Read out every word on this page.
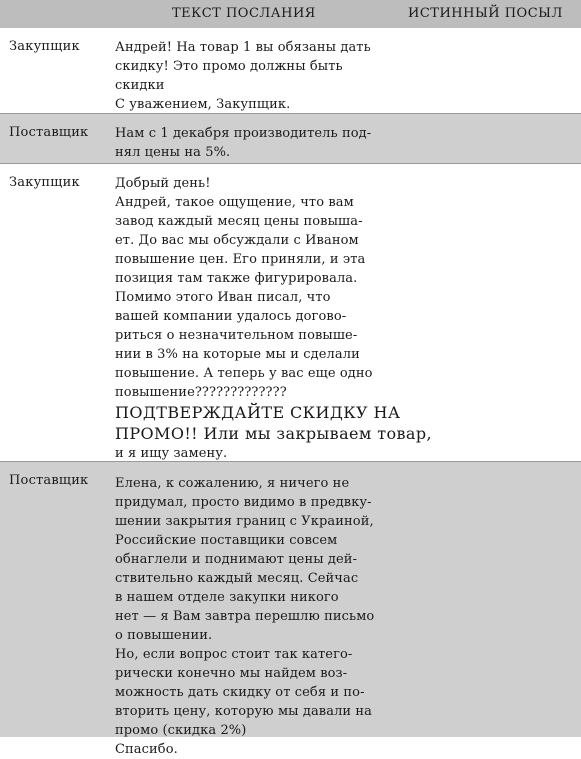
ТЕКСТ ПОСЛАНИЯ	ИСТИННЫЙ ПОСЫЛ
Закупщик	Андрей! На товар 1 вы обязаны дать
скидку! Это промо должны быть
скидки
С уважением, Закупщик.
Поставщик Нам с 1 декабря производитель под-
нял цены на 5%.
Закупщик	Добрый день!
Андрей, такое ощущение, что вам
завод каждый месяц цены повыша-
ет. До вас мы обсуждали с Иваном
повышение цен. Его приняли, и эта
позиция там также фигурировала.
Помимо этого Иван писал, что
вашей компании удалось догово-
риться о незначительном повыше-
нии в 3% на которые мы и сделали
повышение. А теперь у вас еще одно
повышение?????????????
ПОДТВЕРЖДАЙТЕ СКИДКУ НА
ПРОМО!! Или мы закрываем товар,
и я ищу замену.
Поставщик Елена, к сожалению, я ничего не
придумал, просто видимо в предвку-
шении закрытия границ с Украиной,
Российские поставщики совсем
обнаглели и поднимают цены дей-
ствительно каждый месяц. Сейчас
в нашем отделе закупки никого
нет — я Вам завтра перешлю письмо
о повышении.
Но, если вопрос стоит так катего-
рически конечно мы найдем воз-
можность дать скидку от себя и по-
вторить цену, которую мы давали на
промо (скидка 2%)
Спасибо.
